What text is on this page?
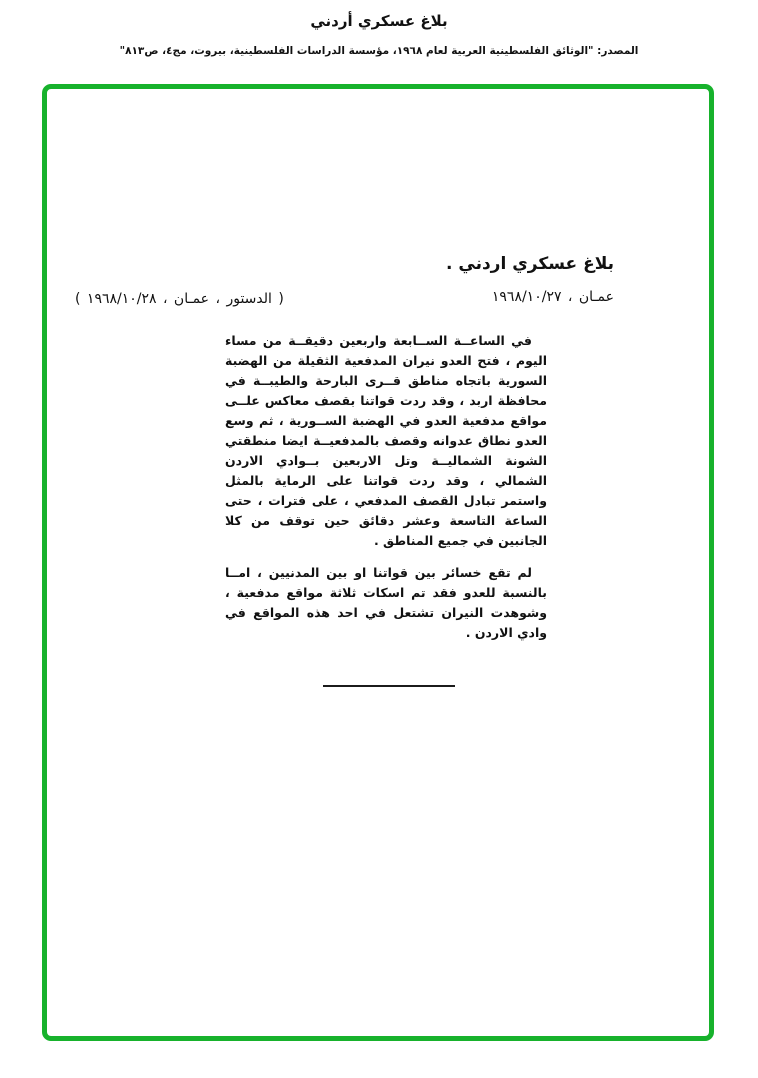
بلاغ عسكري أردني
المصدر: "الوثائق الفلسطينية العربية لعام ١٩٦٨، مؤسسة الدراسات الفلسطينية، بيروت، مج٤، ص٨١٣"
بلاغ عسكري اردني .
عمـان ، ١٩٦٨/١٠/٢٧
( الدستور ، عمـان ، ١٩٦٨/١٠/٢٨ )

في الساعــة الســابعة واربعين دقيقــة من مساء اليوم ، فتح العدو نيران المدفعية الثقيلة من الهضبة السورية باتجاه مناطق قــرى البارحة والطيبــة في محافظة اربد ، وقد ردت قواتنا بقصف معاكس علــى مواقع مدفعية العدو في الهضبة الســورية ، ثم وسع العدو نطاق عدوانه وقصف بالمدفعيــة ايضا منطقتي الشونة الشماليــة وتل الاربعين بــوادي الاردن الشمالي ، وقد ردت قواتنا على الرماية بالمثل واستمر تبادل القصف المدفعي ، على فترات ، حتى الساعة التاسعة وعشر دقائق حين توقف من كلا الجانبين في جميع المناطق .

لم تقع خسائر بين قواتنا او بين المدنيين ، امــا بالنسبة للعدو فقد تم اسكات ثلاثة مواقع مدفعية ، وشوهدت النيران تشتعل في احد هذه المواقع في وادي الاردن .
